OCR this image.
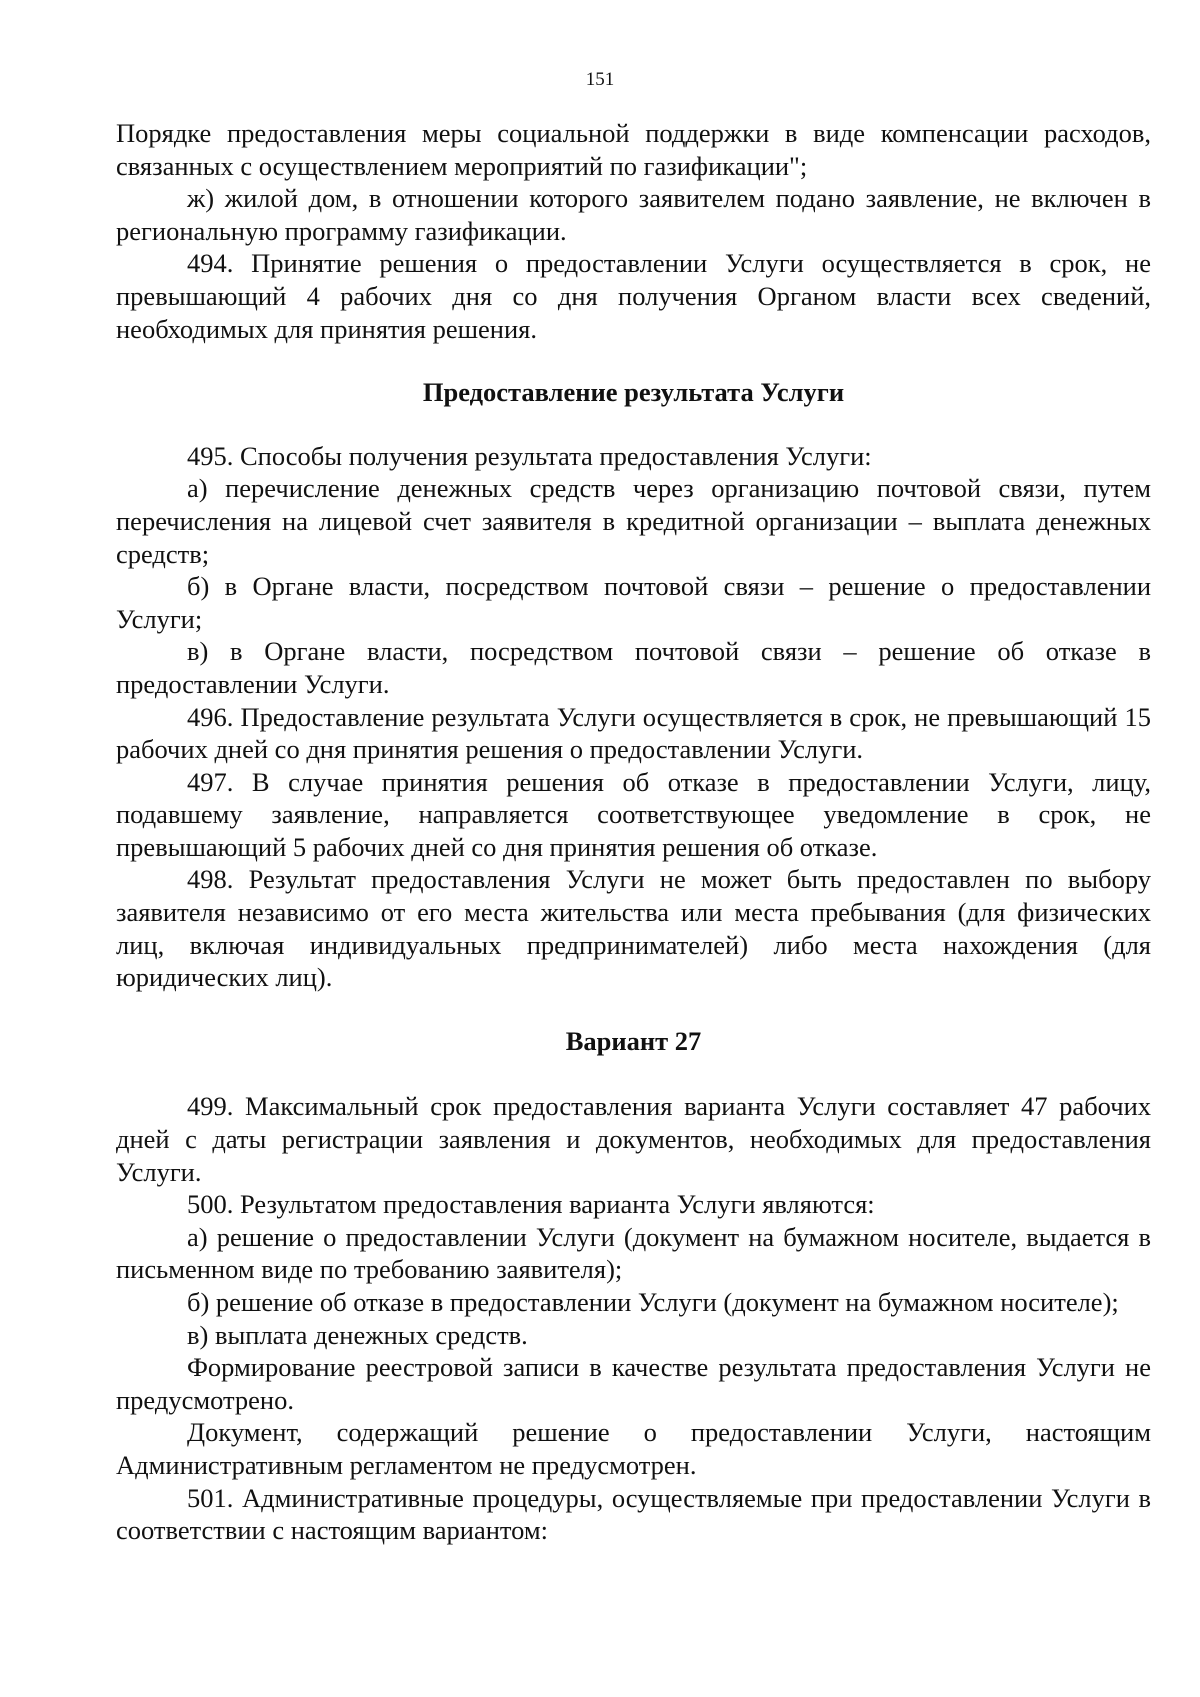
151

Порядке предоставления меры социальной поддержки в виде компенсации расходов, связанных с осуществлением мероприятий по газификации";

ж) жилой дом, в отношении которого заявителем подано заявление, не включен в региональную программу газификации.

494. Принятие решения о предоставлении Услуги осуществляется в срок, не превышающий 4 рабочих дня со дня получения Органом власти всех сведений, необходимых для принятия решения.

Предоставление результата Услуги

495. Способы получения результата предоставления Услуги:

а) перечисление денежных средств через организацию почтовой связи, путем перечисления на лицевой счет заявителя в кредитной организации – выплата денежных средств;

б) в Органе власти, посредством почтовой связи – решение о предоставлении Услуги;

в) в Органе власти, посредством почтовой связи – решение об отказе в предоставлении Услуги.

496. Предоставление результата Услуги осуществляется в срок, не превышающий 15 рабочих дней со дня принятия решения о предоставлении Услуги.

497. В случае принятия решения об отказе в предоставлении Услуги, лицу, подавшему заявление, направляется соответствующее уведомление в срок, не превышающий 5 рабочих дней со дня принятия решения об отказе.

498. Результат предоставления Услуги не может быть предоставлен по выбору заявителя независимо от его места жительства или места пребывания (для физических лиц, включая индивидуальных предпринимателей) либо места нахождения (для юридических лиц).

Вариант 27

499. Максимальный срок предоставления варианта Услуги составляет 47 рабочих дней с даты регистрации заявления и документов, необходимых для предоставления Услуги.

500. Результатом предоставления варианта Услуги являются:

а) решение о предоставлении Услуги (документ на бумажном носителе, выдается в письменном виде по требованию заявителя);

б) решение об отказе в предоставлении Услуги (документ на бумажном носителе);

в) выплата денежных средств.

Формирование реестровой записи в качестве результата предоставления Услуги не предусмотрено.

Документ, содержащий решение о предоставлении Услуги, настоящим Административным регламентом не предусмотрен.

501. Административные процедуры, осуществляемые при предоставлении Услуги в соответствии с настоящим вариантом:
